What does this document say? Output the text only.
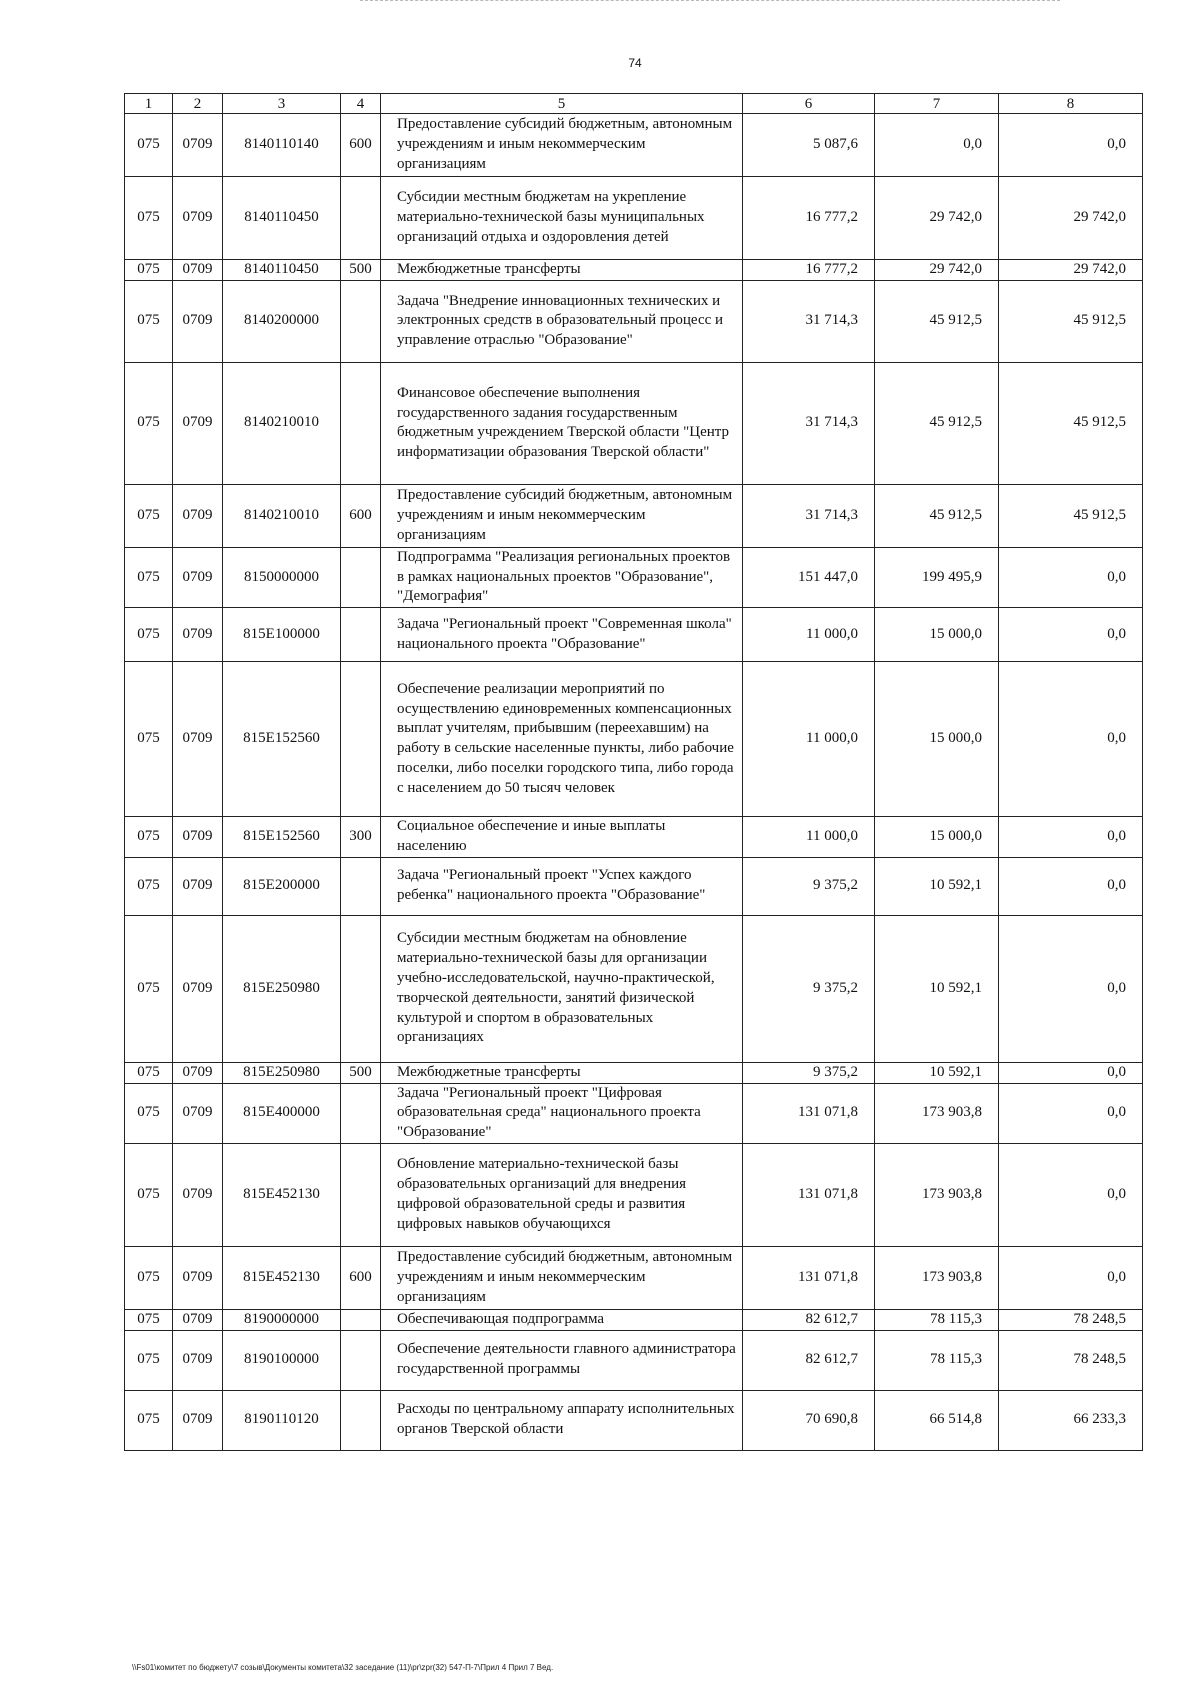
74
1	2	3	4	5	6	7	8
075	0709	8140110140	600	Предоставление субсидий бюджетным, автономным учреждениям и иным некоммерческим организациям	5 087,6	0,0	0,0
075	0709	8140110450		Субсидии местным бюджетам на укрепление материально-технической базы муниципальных организаций отдыха и оздоровления детей	16 777,2	29 742,0	29 742,0
075	0709	8140110450	500	Межбюджетные трансферты	16 777,2	29 742,0	29 742,0
075	0709	8140200000		Задача "Внедрение инновационных технических и электронных средств в образовательный процесс и управление отраслью "Образование"	31 714,3	45 912,5	45 912,5
075	0709	8140210010		Финансовое обеспечение выполнения государственного задания государственным бюджетным учреждением Тверской области "Центр информатизации образования Тверской области"	31 714,3	45 912,5	45 912,5
075	0709	8140210010	600	Предоставление субсидий бюджетным, автономным учреждениям и иным некоммерческим организациям	31 714,3	45 912,5	45 912,5
075	0709	8150000000		Подпрограмма "Реализация региональных проектов в рамках национальных проектов "Образование", "Демография"	151 447,0	199 495,9	0,0
075	0709	815E100000		Задача "Региональный проект "Современная школа" национального проекта "Образование"	11 000,0	15 000,0	0,0
075	0709	815E152560		Обеспечение реализации мероприятий по осуществлению единовременных компенсационных выплат учителям, прибывшим (переехавшим) на работу в сельские населенные пункты, либо рабочие поселки, либо поселки городского типа, либо города с населением до 50 тысяч человек	11 000,0	15 000,0	0,0
075	0709	815E152560	300	Социальное обеспечение и иные выплаты населению	11 000,0	15 000,0	0,0
075	0709	815E200000		Задача "Региональный проект "Успех каждого ребенка" национального проекта "Образование"	9 375,2	10 592,1	0,0
075	0709	815E250980		Субсидии местным бюджетам на обновление материально-технической базы для организации учебно-исследовательской, научно-практической, творческой деятельности, занятий физической культурой и спортом в образовательных организациях	9 375,2	10 592,1	0,0
075	0709	815E250980	500	Межбюджетные трансферты	9 375,2	10 592,1	0,0
075	0709	815E400000		Задача "Региональный проект "Цифровая образовательная среда" национального проекта "Образование"	131 071,8	173 903,8	0,0
075	0709	815E452130		Обновление материально-технической базы образовательных организаций для внедрения цифровой образовательной среды и развития цифровых навыков обучающихся	131 071,8	173 903,8	0,0
075	0709	815E452130	600	Предоставление субсидий бюджетным, автономным учреждениям и иным некоммерческим организациям	131 071,8	173 903,8	0,0
075	0709	8190000000		Обеспечивающая подпрограмма	82 612,7	78 115,3	78 248,5
075	0709	8190100000		Обеспечение деятельности главного администратора государственной программы	82 612,7	78 115,3	78 248,5
075	0709	8190110120		Расходы по центральному аппарату исполнительных органов Тверской области	70 690,8	66 514,8	66 233,3
\\Fs01\комитет по бюджету\7 созыв\Документы комитета\32 заседание (11)\pr\zpr(32) 547-П-7\Прил 4 Прил 7 Вед.
